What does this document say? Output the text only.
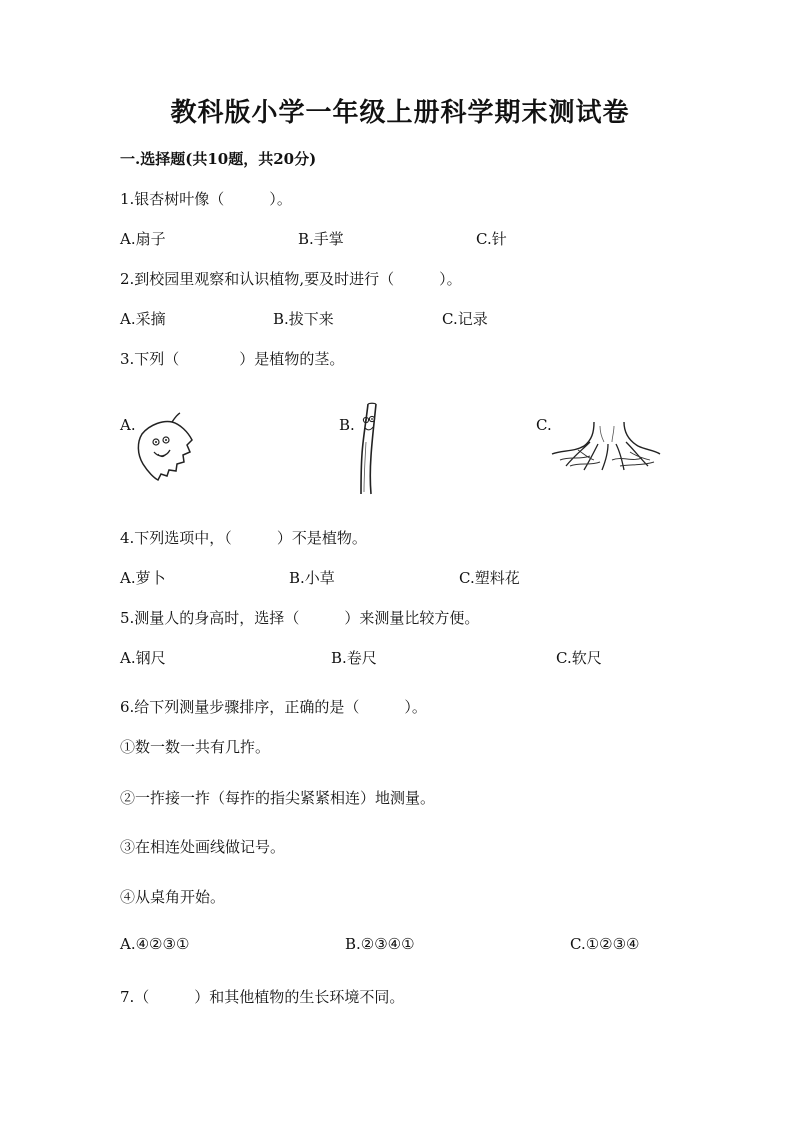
教科版小学一年级上册科学期末测试卷
一.选择题(共10题，共20分)
1.银杏树叶像（　　　）。
A.扇子	B.手掌	C.针
2.到校园里观察和认识植物,要及时进行（　　　）。
A.采摘	B.拔下来	C.记录
3.下列（　　　　）是植物的茎。
A.	B.	C.
4.下列选项中，（　　　）不是植物。
A.萝卜	B.小草	C.塑料花
5.测量人的身高时，选择（　　　）来测量比较方便。
A.钢尺	B.卷尺	C.软尺
6.给下列测量步骤排序，正确的是（　　　）。
①数一数一共有几拃。
②一拃接一拃（每拃的指尖紧紧相连）地测量。
③在相连处画线做记号。
④从桌角开始。
A.④②③①	B.②③④①	C.①②③④
7.（　　　）和其他植物的生长环境不同。
